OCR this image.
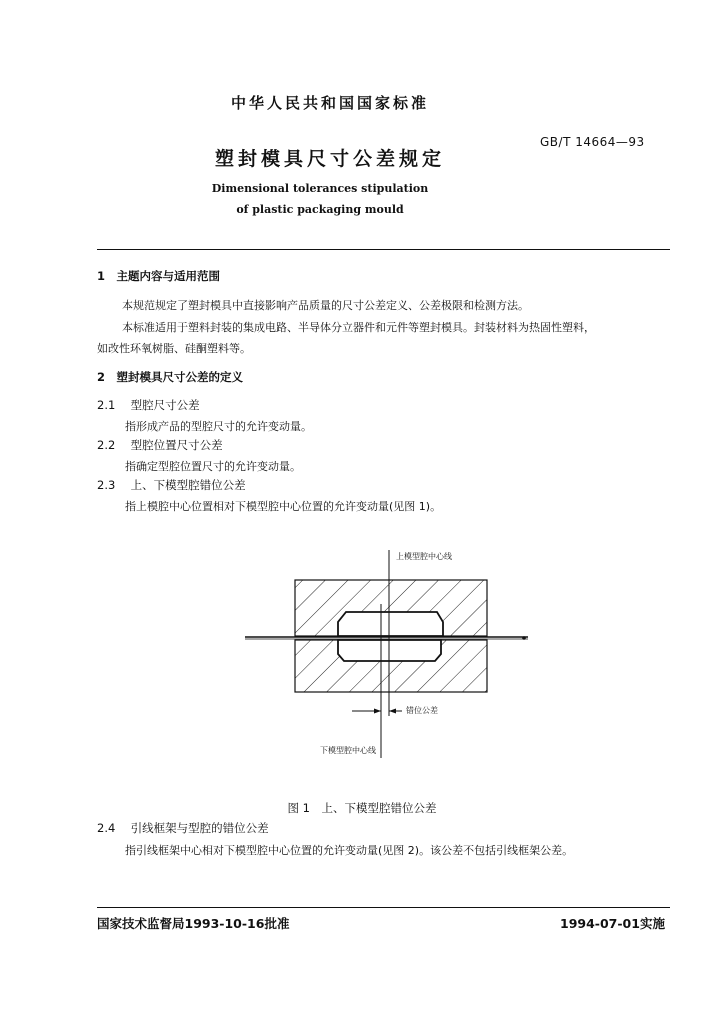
中华人民共和国国家标准
塑封模具尺寸公差规定
GB/T 14664—93
Dimensional tolerances stipulation
of plastic packaging mould
1　主题内容与适用范围
本规范规定了塑封模具中直接影响产品质量的尺寸公差定义、公差极限和检测方法。
本标准适用于塑料封装的集成电路、半导体分立器件和元件等塑封模具。封装材料为热固性塑料，
如改性环氧树脂、硅酮塑料等。
2　塑封模具尺寸公差的定义
2.1 型腔尺寸公差
指形成产品的型腔尺寸的允许变动量。
2.2 型腔位置尺寸公差
指确定型腔位置尺寸的允许变动量。
2.3 上、下模型腔错位公差
指上模腔中心位置相对下模型腔中心位置的允许变动量(见图 1)。
上模型腔中心线
错位公差
下模型腔中心线
图 1　上、下模型腔错位公差
2.4 引线框架与型腔的错位公差
指引线框架中心相对下模型腔中心位置的允许变动量(见图 2)。该公差不包括引线框架公差。
国家技术监督局1993-10-16批准	1994-07-01实施
